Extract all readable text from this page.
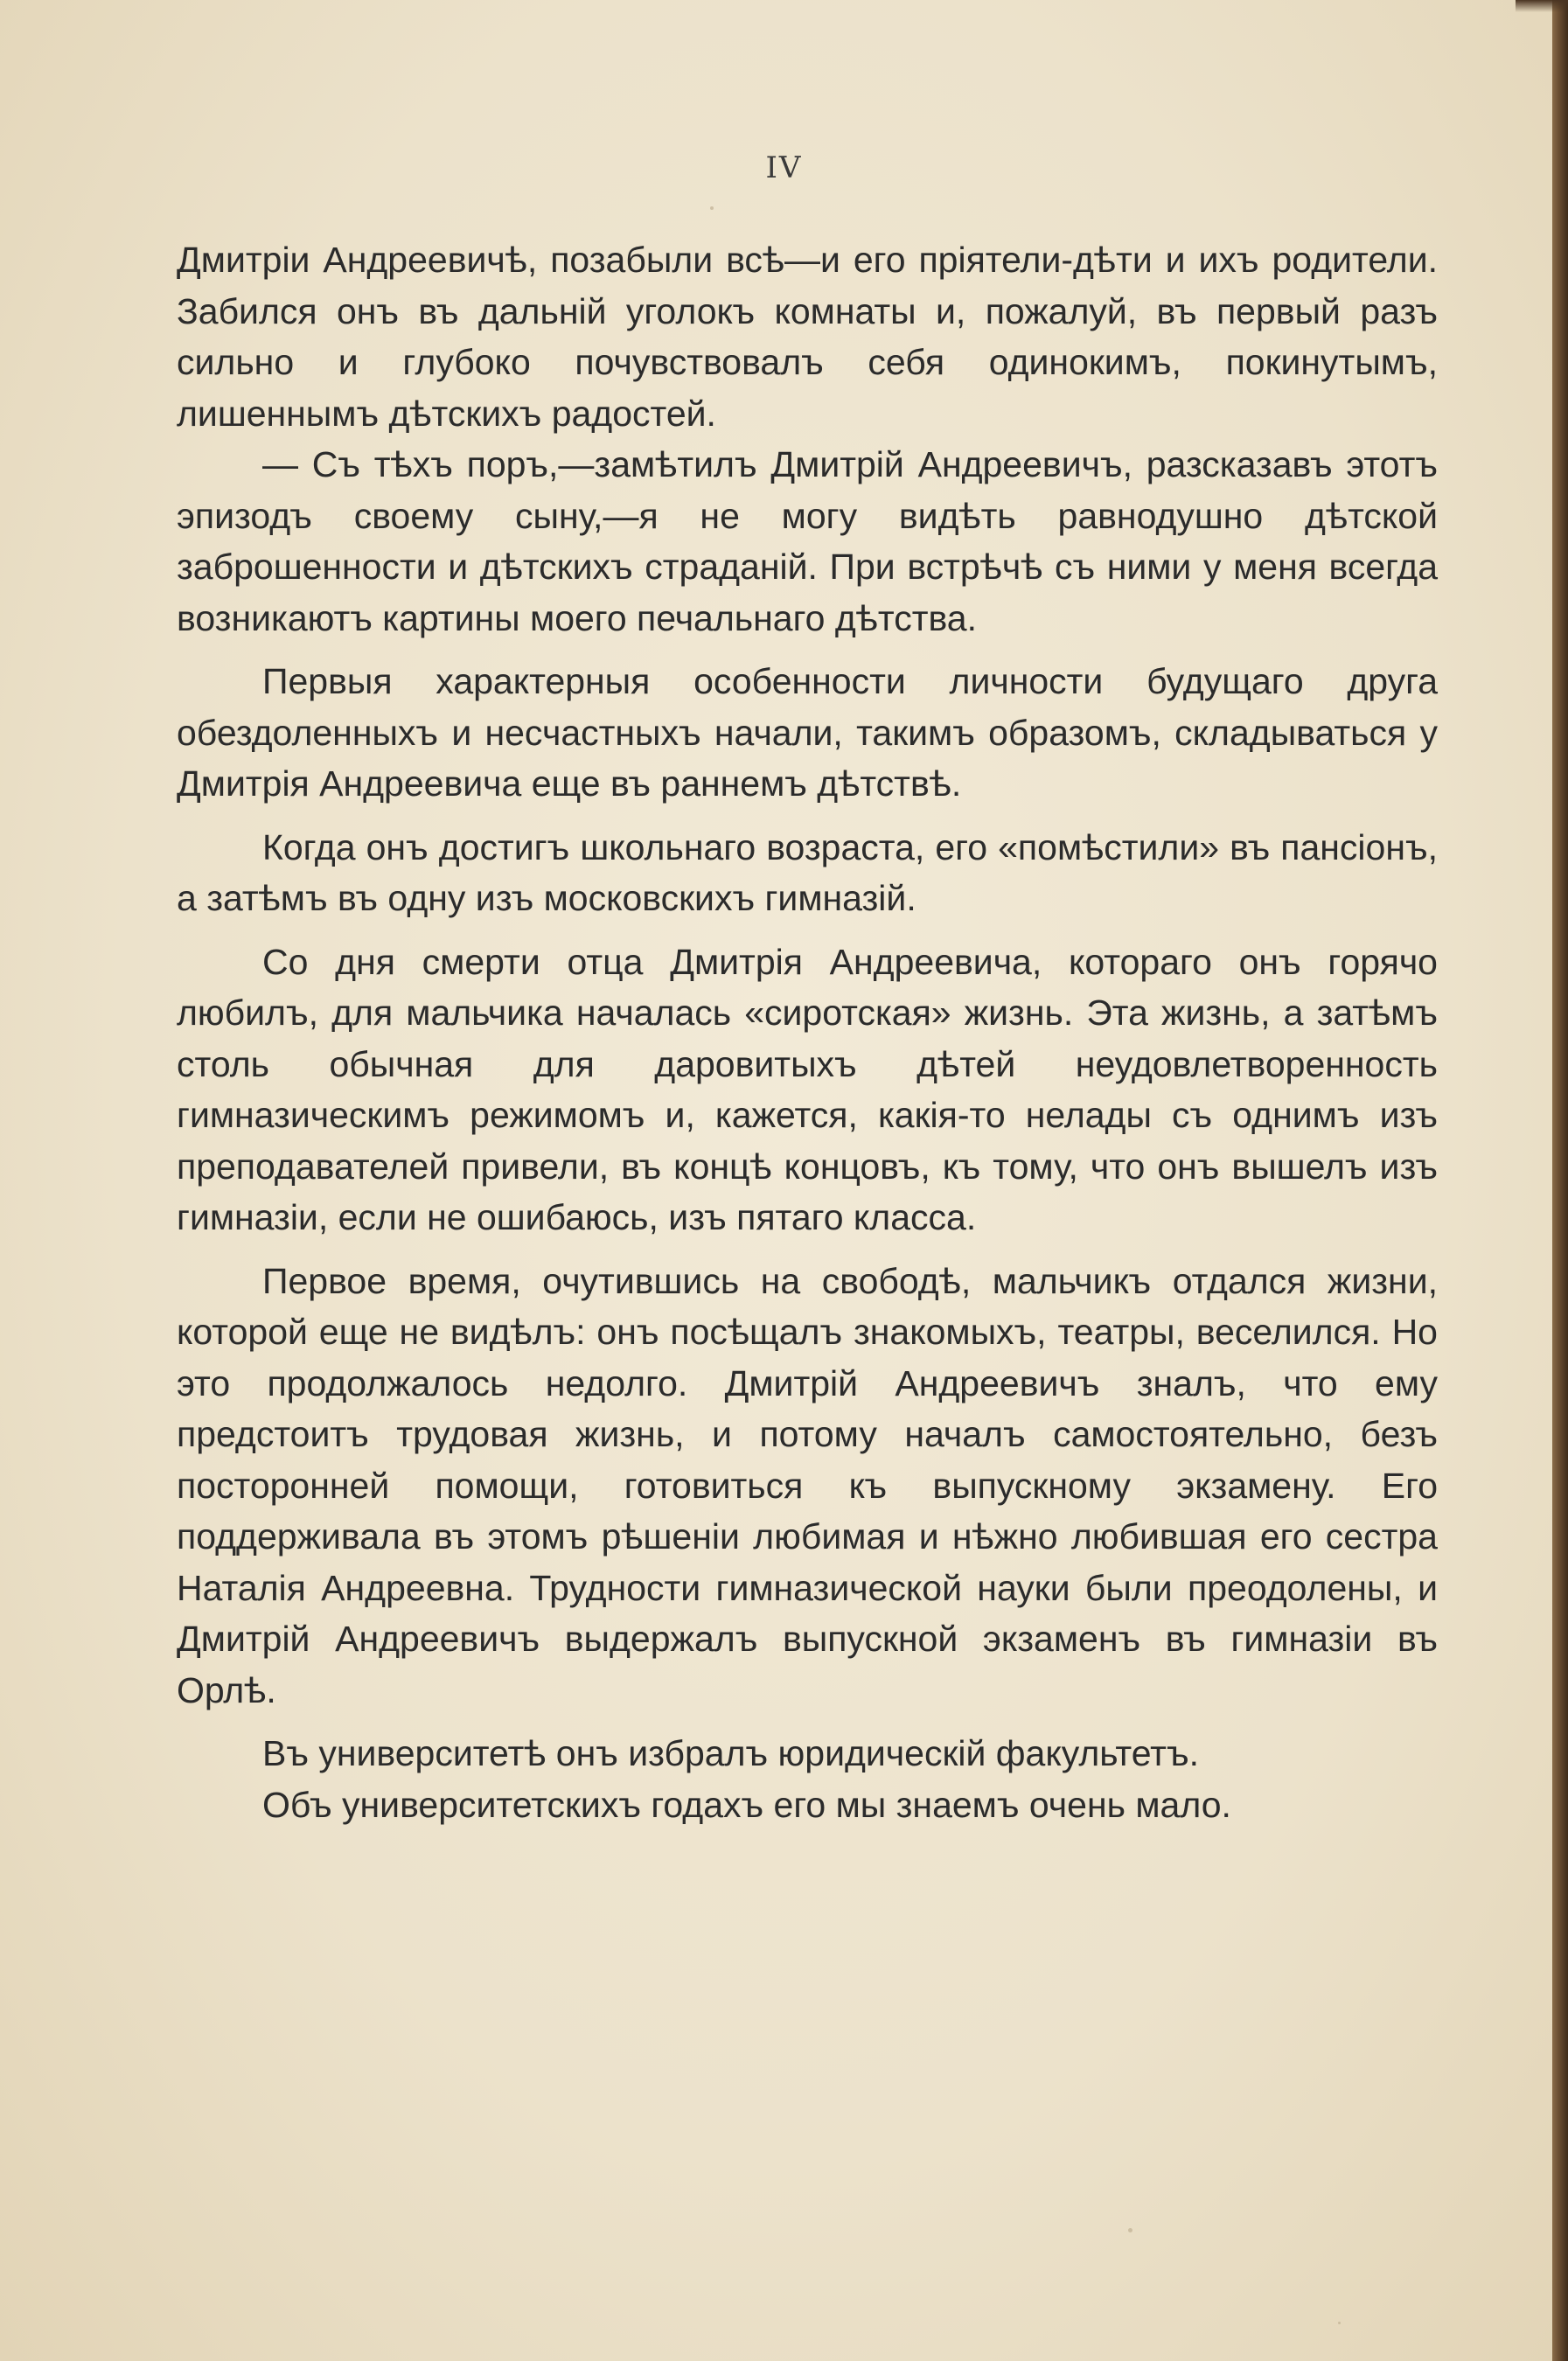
IV

Дмитріи Андреевичѣ, позабыли всѣ—и его пріятели-дѣти и ихъ родители. Забился онъ въ дальній уголокъ комнаты и, пожалуй, въ первый разъ сильно и глубоко почувствовалъ себя одинокимъ, покинутымъ, лишеннымъ дѣтскихъ радостей.

— Съ тѣхъ поръ,—замѣтилъ Дмитрій Андреевичъ, разсказавъ этотъ эпизодъ своему сыну,—я не могу видѣть равнодушно дѣтской заброшенности и дѣтскихъ страданій. При встрѣчѣ съ ними у меня всегда возникаютъ картины моего печальнаго дѣтства.

Первыя характерныя особенности личности будущаго друга обездоленныхъ и несчастныхъ начали, такимъ образомъ, складываться у Дмитрія Андреевича еще въ раннемъ дѣтствѣ.

Когда онъ достигъ школьнаго возраста, его «помѣстили» въ пансіонъ, а затѣмъ въ одну изъ московскихъ гимназій.

Со дня смерти отца Дмитрія Андреевича, котораго онъ горячо любилъ, для мальчика началась «сиротская» жизнь. Эта жизнь, а затѣмъ столь обычная для даровитыхъ дѣтей неудовлетворенность гимназическимъ режимомъ и, кажется, какія-то нелады съ однимъ изъ преподавателей привели, въ концѣ концовъ, къ тому, что онъ вышелъ изъ гимназіи, если не ошибаюсь, изъ пятаго класса.

Первое время, очутившись на свободѣ, мальчикъ отдался жизни, которой еще не видѣлъ: онъ посѣщалъ знакомыхъ, театры, веселился. Но это продолжалось недолго. Дмитрій Андреевичъ зналъ, что ему предстоитъ трудовая жизнь, и потому началъ самостоятельно, безъ посторонней помощи, готовиться къ выпускному экзамену. Его поддерживала въ этомъ рѣшеніи любимая и нѣжно любившая его сестра Наталія Андреевна. Трудности гимназической науки были преодолены, и Дмитрій Андреевичъ выдержалъ выпускной экзаменъ въ гимназіи въ Орлѣ.

Въ университетѣ онъ избралъ юридическій факультетъ.

Объ университетскихъ годахъ его мы знаемъ очень мало.
